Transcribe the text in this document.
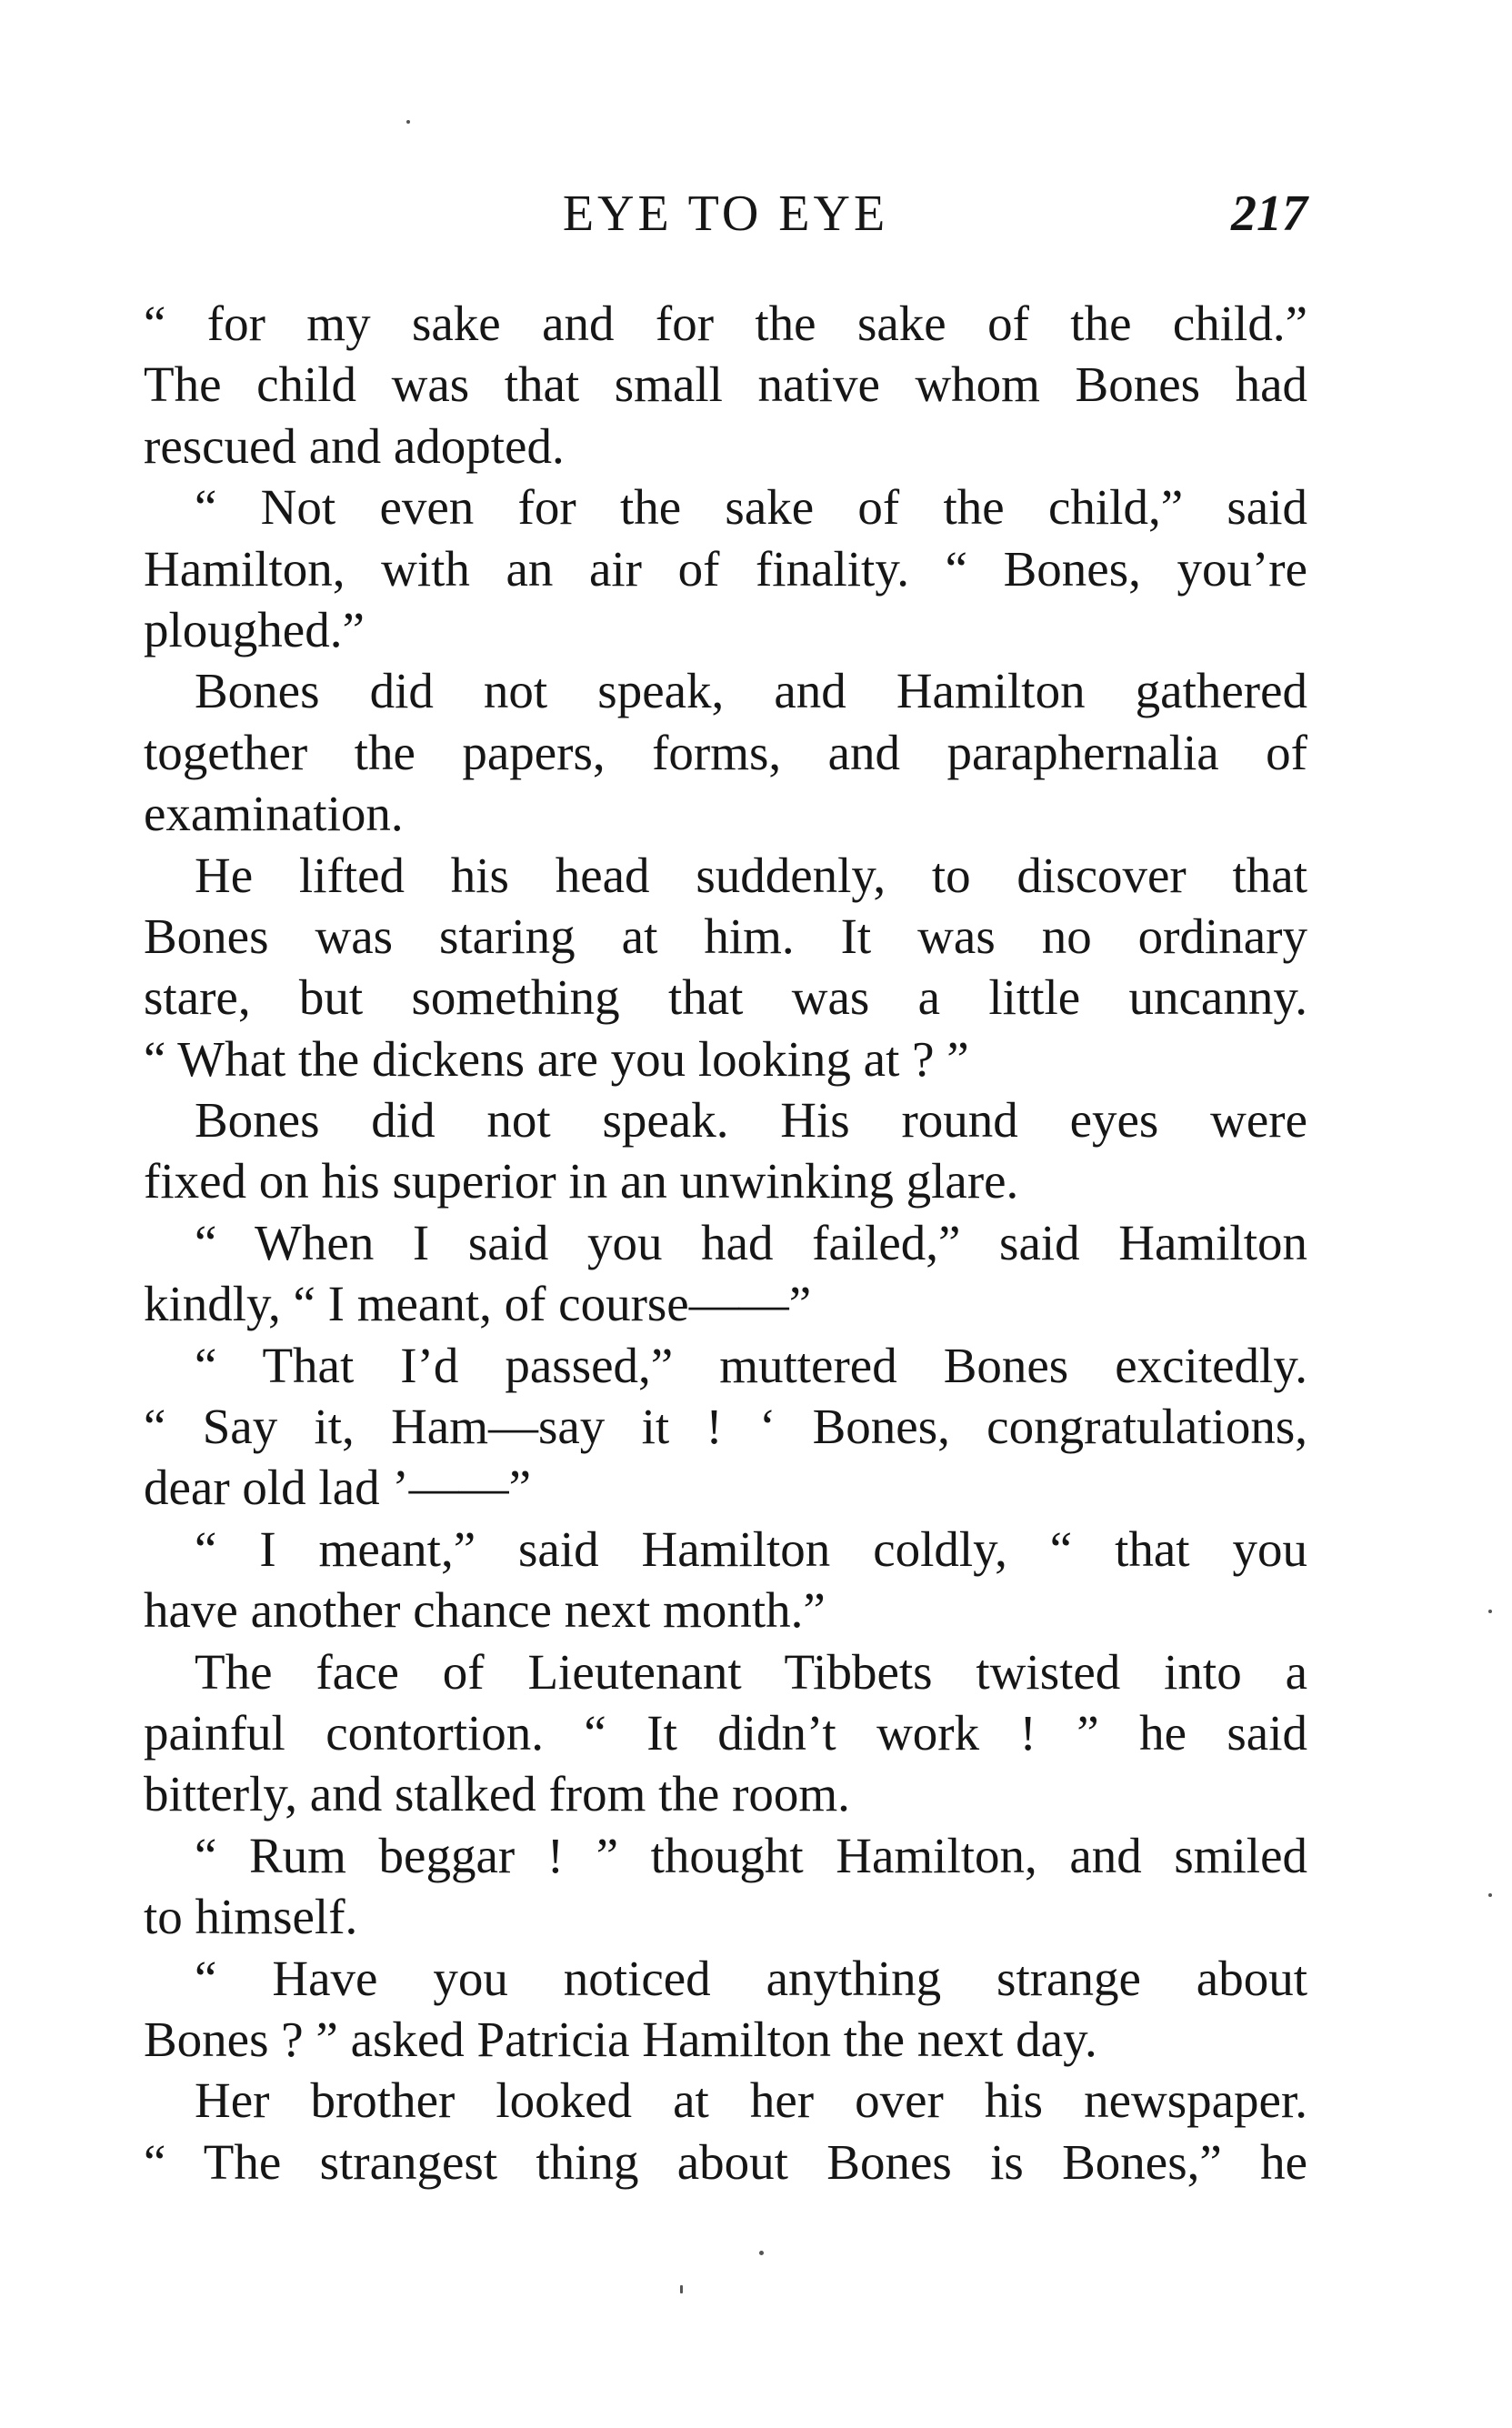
EYE TO EYE	217
“ for my sake and for the sake of the child.”
The child was that small native whom Bones had
rescued and adopted.
“ Not even for the sake of the child,” said
Hamilton, with an air of finality. “ Bones, you’re
ploughed.”
Bones did not speak, and Hamilton gathered
together the papers, forms, and paraphernalia of
examination.
He lifted his head suddenly, to discover that
Bones was staring at him. It was no ordinary
stare, but something that was a little uncanny.
“ What the dickens are you looking at ? ”
Bones did not speak. His round eyes were
fixed on his superior in an unwinking glare.
“ When I said you had failed,” said Hamilton
kindly, “ I meant, of course——”
“ That I’d passed,” muttered Bones excitedly.
“ Say it, Ham—say it ! ‘ Bones, congratulations,
dear old lad ’——”
“ I meant,” said Hamilton coldly, “ that you
have another chance next month.”
The face of Lieutenant Tibbets twisted into a
painful contortion. “ It didn’t work ! ” he said
bitterly, and stalked from the room.
“ Rum beggar ! ” thought Hamilton, and smiled
to himself.
“ Have you noticed anything strange about
Bones ? ” asked Patricia Hamilton the next day.
Her brother looked at her over his newspaper.
“ The strangest thing about Bones is Bones,” he
